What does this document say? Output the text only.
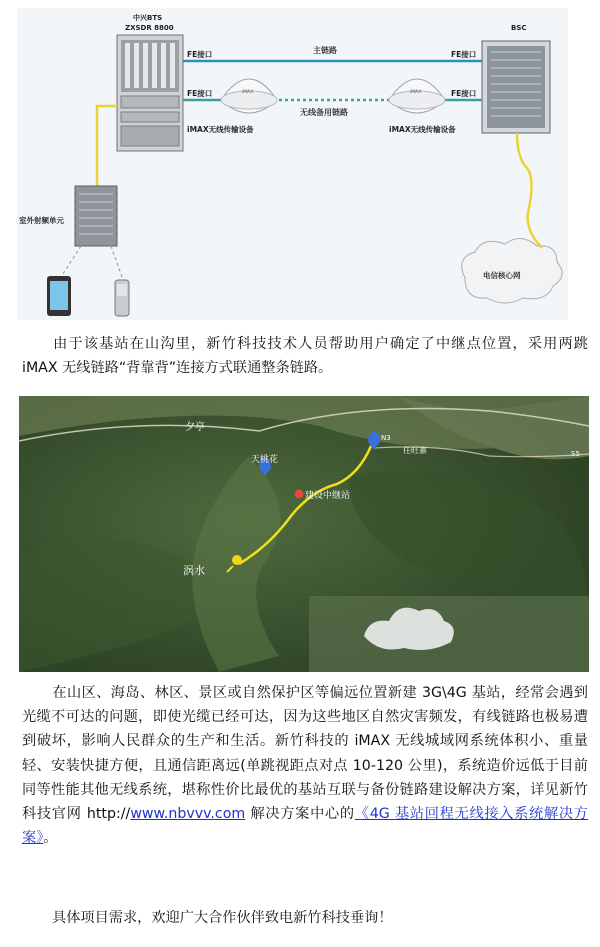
中兴BTS
ZXSDR 8800	BSC
主链路
无线备用链路
FE接口
FE接口
FE接口
FE接口
iMAX
iMAX无线传输设备
iMAX
iMAX无线传输设备
室外射频单元
电信核心网
由于该基站在山沟里，新竹科技技术人员帮助用户确定了中继点位置，采用两跳 iMAX 无线链路“背靠背”连接方式联通整条链路。
夕亭
天桃花
建设中继站
涡水
N3
任旺寨	S5
在山区、海岛、林区、景区或自然保护区等偏远位置新建 3G\4G 基站，经常会遇到光缆不可达的问题，即使光缆已经可达，因为这些地区自然灾害频发，有线链路也极易遭到破坏，影响人民群众的生产和生活。新竹科技的 iMAX 无线城域网系统体积小、重量轻、安装快捷方便，且通信距离远(单跳视距点对点 10-120 公里)，系统造价远低于目前同等性能其他无线系统，堪称性价比最优的基站互联与备份链路建设解决方案，详见新竹科技官网 http://www.nbvvv.com 解决方案中心的《4G 基站回程无线接入系统解决方案》。
具体项目需求，欢迎广大合作伙伴致电新竹科技垂询！
